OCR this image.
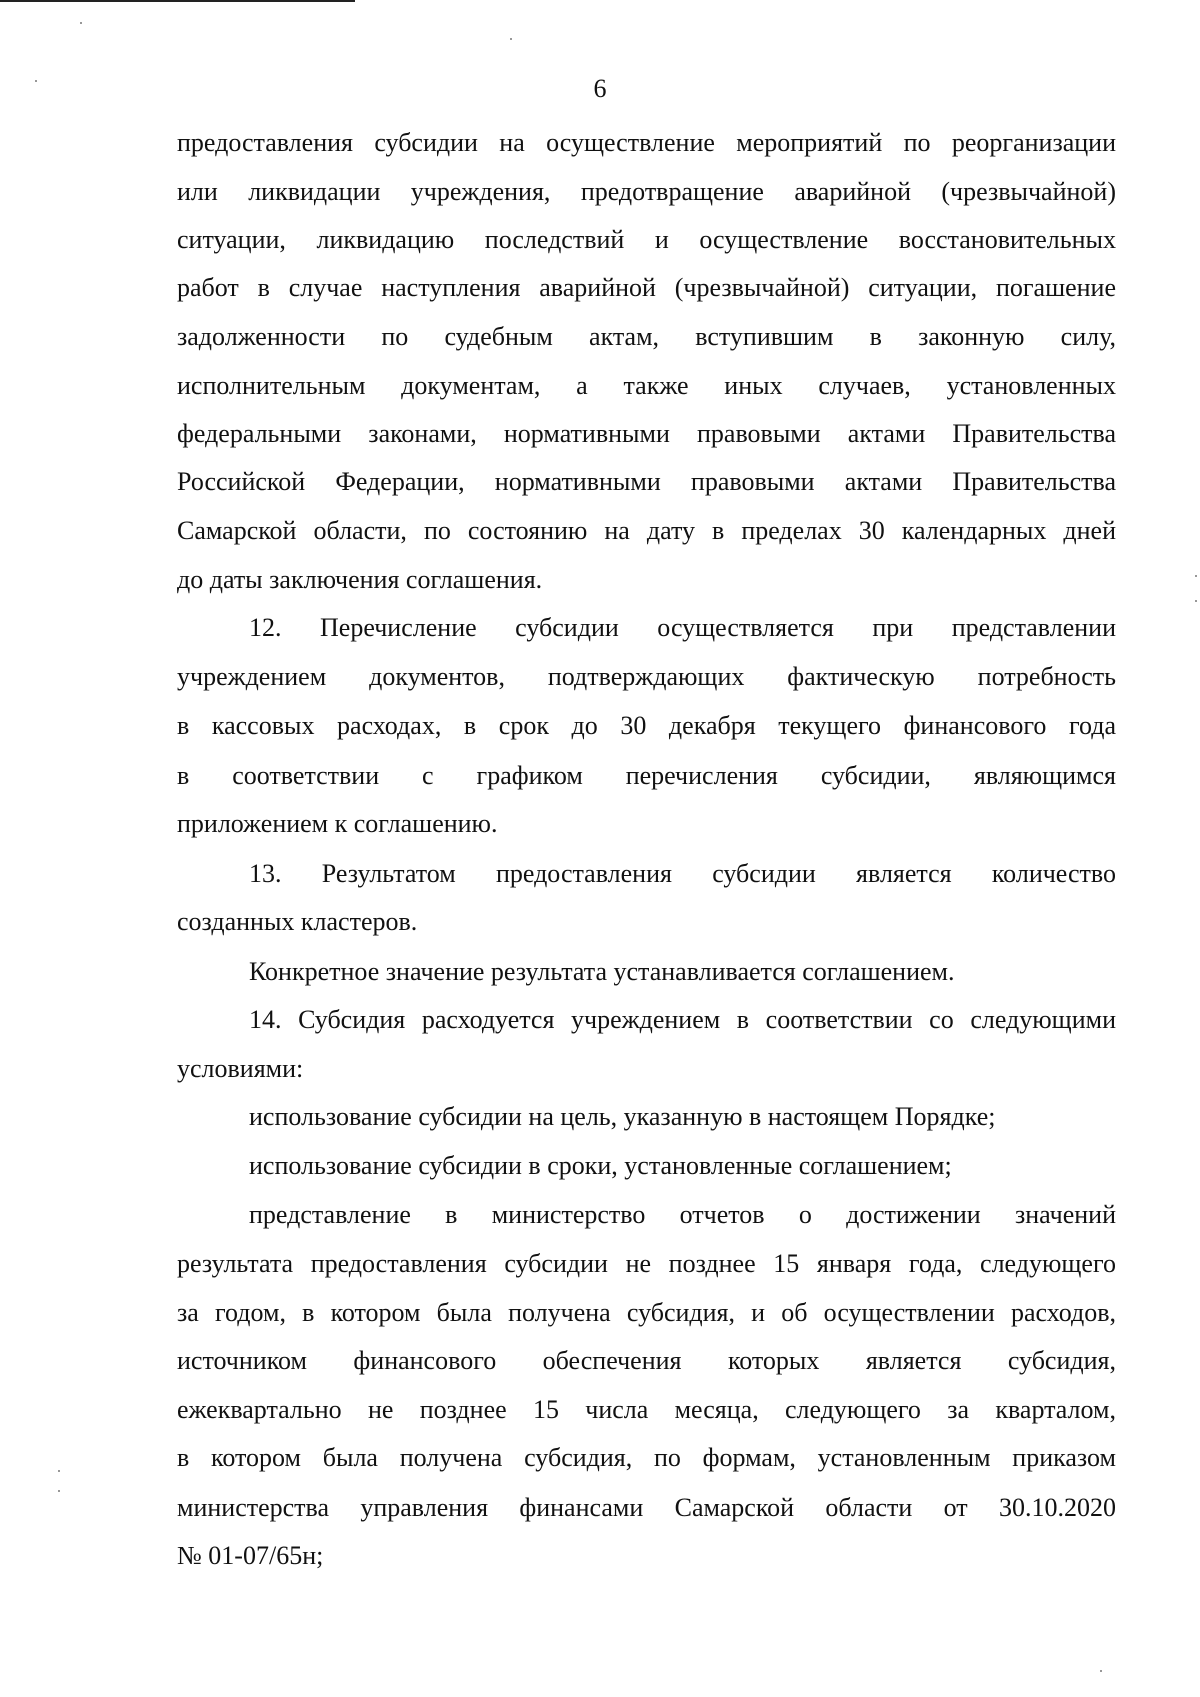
6
предоставления субсидии на осуществление мероприятий по реорганизации
или ликвидации учреждения, предотвращение аварийной (чрезвычайной)
ситуации, ликвидацию последствий и осуществление восстановительных
работ в случае наступления аварийной (чрезвычайной) ситуации, погашение
задолженности по судебным актам, вступившим в законную силу,
исполнительным документам, а также иных случаев, установленных
федеральными законами, нормативными правовыми актами Правительства
Российской Федерации, нормативными правовыми актами Правительства
Самарской области, по состоянию на дату в пределах 30 календарных дней
до даты заключения соглашения.
12. Перечисление субсидии осуществляется при представлении
учреждением документов, подтверждающих фактическую потребность
в кассовых расходах, в срок до 30 декабря текущего финансового года
в соответствии с графиком перечисления субсидии, являющимся
приложением к соглашению.
13. Результатом предоставления субсидии является количество
созданных кластеров.
Конкретное значение результата устанавливается соглашением.
14. Субсидия расходуется учреждением в соответствии со следующими
условиями:
использование субсидии на цель, указанную в настоящем Порядке;
использование субсидии в сроки, установленные соглашением;
представление в министерство отчетов о достижении значений
результата предоставления субсидии не позднее 15 января года, следующего
за годом, в котором была получена субсидия, и об осуществлении расходов,
источником финансового обеспечения которых является субсидия,
ежеквартально не позднее 15 числа месяца, следующего за кварталом,
в котором была получена субсидия, по формам, установленным приказом
министерства управления финансами Самарской области от 30.10.2020
№ 01-07/65н;
